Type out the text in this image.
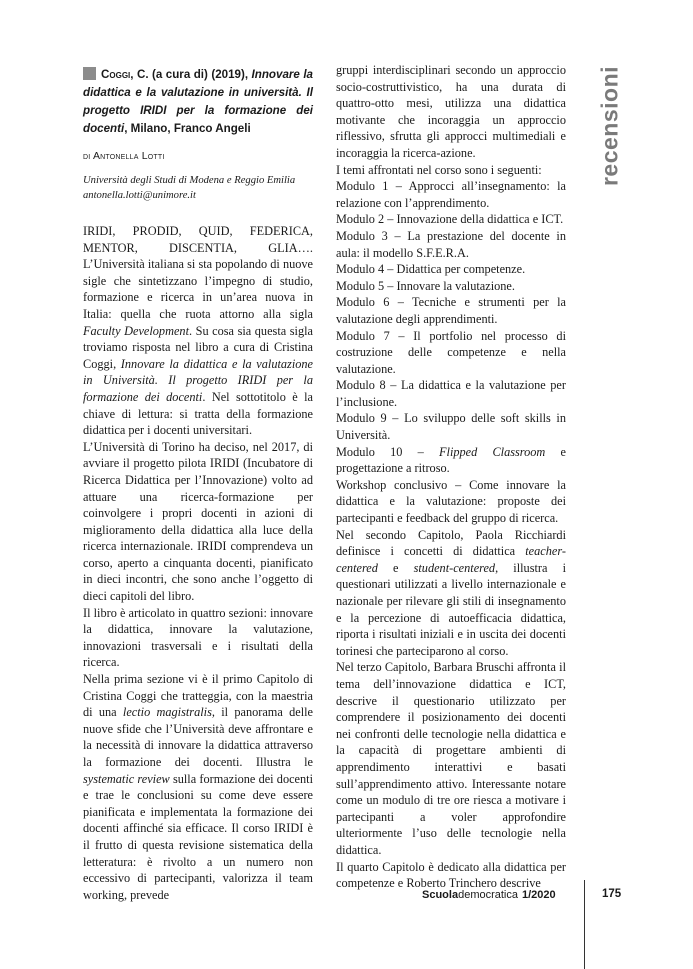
recensioni
Coggi, C. (a cura di) (2019), Innovare la didattica e la valutazione in università. Il progetto IRIDI per la formazione dei docenti, Milano, Franco Angeli
di Antonella Lotti
Università degli Studi di Modena e Reggio Emilia
antonella.lotti@unimore.it

IRIDI, PRODID, QUID, FEDERICA, MENTOR, DISCENTIA, GLIA…. L’Università italiana si sta popolando di nuove sigle che sintetizzano l’impegno di studio, formazione e ricerca in un’area nuova in Italia: quella che ruota attorno alla sigla Faculty Development. Su cosa sia questa sigla troviamo risposta nel libro a cura di Cristina Coggi, Innovare la didattica e la valutazione in Università. Il progetto IRIDI per la formazione dei docenti. Nel sottotitolo è la chiave di lettura: si tratta della formazione didattica per i docenti universitari.

L’Università di Torino ha deciso, nel 2017, di avviare il progetto pilota IRIDI (Incubatore di Ricerca Didattica per l’Innovazione) volto ad attuare una ricerca-formazione per coinvolgere i propri docenti in azioni di miglioramento della didattica alla luce della ricerca internazionale. IRIDI comprendeva un corso, aperto a cinquanta docenti, pianificato in dieci incontri, che sono anche l’oggetto di dieci capitoli del libro.

Il libro è articolato in quattro sezioni: innovare la didattica, innovare la valutazione, innovazioni trasversali e i risultati della ricerca.

Nella prima sezione vi è il primo Capitolo di Cristina Coggi che tratteggia, con la maestria di una lectio magistralis, il panorama delle nuove sfide che l’Università deve affrontare e la necessità di innovare la didattica attraverso la formazione dei docenti. Illustra le systematic review sulla formazione dei docenti e trae le conclusioni su come deve essere pianificata e implementata la formazione dei docenti affinché sia efficace. Il corso IRIDI è il frutto di questa revisione sistematica della letteratura: è rivolto a un numero non eccessivo di partecipanti, valorizza il team working, prevede

gruppi interdisciplinari secondo un approccio socio-costruttivistico, ha una durata di quattro-otto mesi, utilizza una didattica motivante che incoraggia un approccio riflessivo, sfrutta gli approcci multimediali e incoraggia la ricerca-azione.

I temi affrontati nel corso sono i seguenti:

Modulo 1 – Approcci all’insegnamento: la relazione con l’apprendimento.

Modulo 2 – Innovazione della didattica e ICT.

Modulo 3 – La prestazione del docente in aula: il modello S.F.E.R.A.

Modulo 4 – Didattica per competenze.

Modulo 5 – Innovare la valutazione.

Modulo 6 – Tecniche e strumenti per la valutazione degli apprendimenti.

Modulo 7 – Il portfolio nel processo di costruzione delle competenze e nella valutazione.

Modulo 8 – La didattica e la valutazione per l’inclusione.

Modulo 9 – Lo sviluppo delle soft skills in Università.

Modulo 10 – Flipped Classroom e progettazione a ritroso.

Workshop conclusivo – Come innovare la didattica e la valutazione: proposte dei partecipanti e feedback del gruppo di ricerca.

Nel secondo Capitolo, Paola Ricchiardi definisce i concetti di didattica teacher-centered e student-centered, illustra i questionari utilizzati a livello internazionale e nazionale per rilevare gli stili di insegnamento e la percezione di autoefficacia didattica, riporta i risultati iniziali e in uscita dei docenti torinesi che parteciparono al corso.

Nel terzo Capitolo, Barbara Bruschi affronta il tema dell’innovazione didattica e ICT, descrive il questionario utilizzato per comprendere il posizionamento dei docenti nei confronti delle tecnologie nella didattica e la capacità di progettare ambienti di apprendimento interattivi e basati sull’apprendimento attivo. Interessante notare come un modulo di tre ore riesca a motivare i partecipanti a voler approfondire ulteriormente l’uso delle tecnologie nella didattica.

Il quarto Capitolo è dedicato alla didattica per competenze e Roberto Trinchero descrive

Scuolademocratica 1/2020	175
